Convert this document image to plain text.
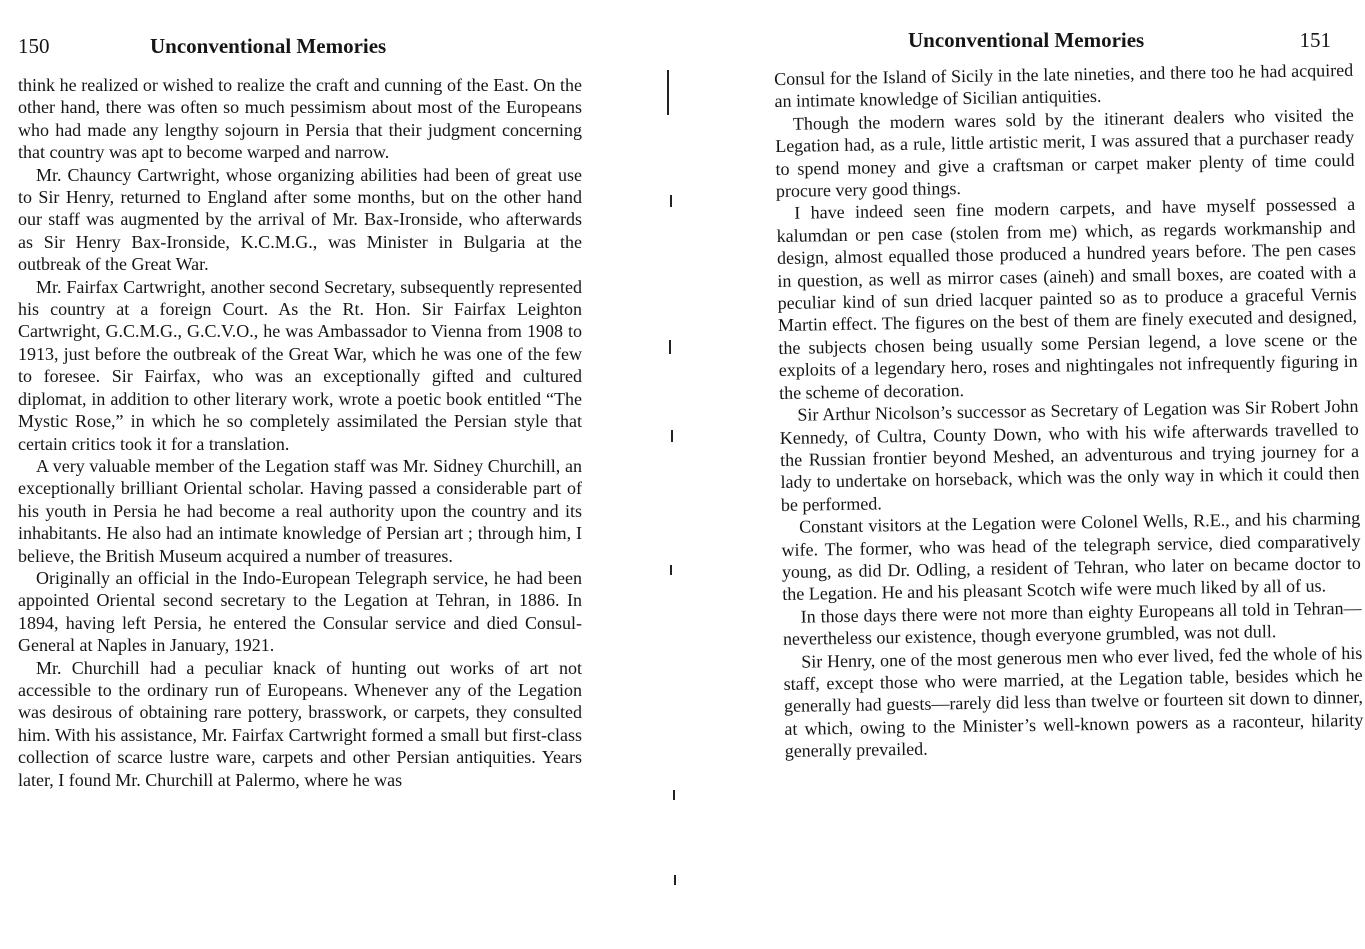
150	Unconventional Memories

think he realized or wished to realize the craft and cunning of the East. On the other hand, there was often so much pessimism about most of the Europeans who had made any lengthy sojourn in Persia that their judgment concerning that country was apt to become warped and narrow.

Mr. Chauncy Cartwright, whose organizing abilities had been of great use to Sir Henry, returned to England after some months, but on the other hand our staff was augmented by the arrival of Mr. Bax-Ironside, who afterwards as Sir Henry Bax-Ironside, K.C.M.G., was Minister in Bulgaria at the outbreak of the Great War.

Mr. Fairfax Cartwright, another second Secretary, subsequently represented his country at a foreign Court. As the Rt. Hon. Sir Fairfax Leighton Cartwright, G.C.M.G., G.C.V.O., he was Ambassador to Vienna from 1908 to 1913, just before the outbreak of the Great War, which he was one of the few to foresee. Sir Fairfax, who was an exceptionally gifted and cultured diplomat, in addition to other literary work, wrote a poetic book entitled “The Mystic Rose,” in which he so completely assimilated the Persian style that certain critics took it for a translation.

A very valuable member of the Legation staff was Mr. Sidney Churchill, an exceptionally brilliant Oriental scholar. Having passed a considerable part of his youth in Persia he had become a real authority upon the country and its inhabitants. He also had an intimate knowledge of Persian art ; through him, I believe, the British Museum acquired a number of treasures.

Originally an official in the Indo-European Telegraph service, he had been appointed Oriental second secretary to the Legation at Tehran, in 1886. In 1894, having left Persia, he entered the Consular service and died Consul-General at Naples in January, 1921.

Mr. Churchill had a peculiar knack of hunting out works of art not accessible to the ordinary run of Europeans. Whenever any of the Legation was desirous of obtaining rare pottery, brasswork, or carpets, they consulted him. With his assistance, Mr. Fairfax Cartwright formed a small but first-class collection of scarce lustre ware, carpets and other Persian antiquities. Years later, I found Mr. Churchill at Palermo, where he was

Unconventional Memories	151

Consul for the Island of Sicily in the late nineties, and there too he had acquired an intimate knowledge of Sicilian antiquities.

Though the modern wares sold by the itinerant dealers who visited the Legation had, as a rule, little artistic merit, I was assured that a purchaser ready to spend money and give a craftsman or carpet maker plenty of time could procure very good things.

I have indeed seen fine modern carpets, and have myself possessed a kalumdan or pen case (stolen from me) which, as regards workmanship and design, almost equalled those produced a hundred years before. The pen cases in question, as well as mirror cases (aineh) and small boxes, are coated with a peculiar kind of sun dried lacquer painted so as to produce a graceful Vernis Martin effect. The figures on the best of them are finely executed and designed, the subjects chosen being usually some Persian legend, a love scene or the exploits of a legendary hero, roses and nightingales not infrequently figuring in the scheme of decoration.

Sir Arthur Nicolson’s successor as Secretary of Legation was Sir Robert John Kennedy, of Cultra, County Down, who with his wife afterwards travelled to the Russian frontier beyond Meshed, an adventurous and trying journey for a lady to undertake on horseback, which was the only way in which it could then be performed.

Constant visitors at the Legation were Colonel Wells, R.E., and his charming wife. The former, who was head of the telegraph service, died comparatively young, as did Dr. Odling, a resident of Tehran, who later on became doctor to the Legation. He and his pleasant Scotch wife were much liked by all of us.

In those days there were not more than eighty Europeans all told in Tehran—nevertheless our existence, though everyone grumbled, was not dull.

Sir Henry, one of the most generous men who ever lived, fed the whole of his staff, except those who were married, at the Legation table, besides which he generally had guests—rarely did less than twelve or fourteen sit down to dinner, at which, owing to the Minister’s well-known powers as a raconteur, hilarity generally prevailed.
